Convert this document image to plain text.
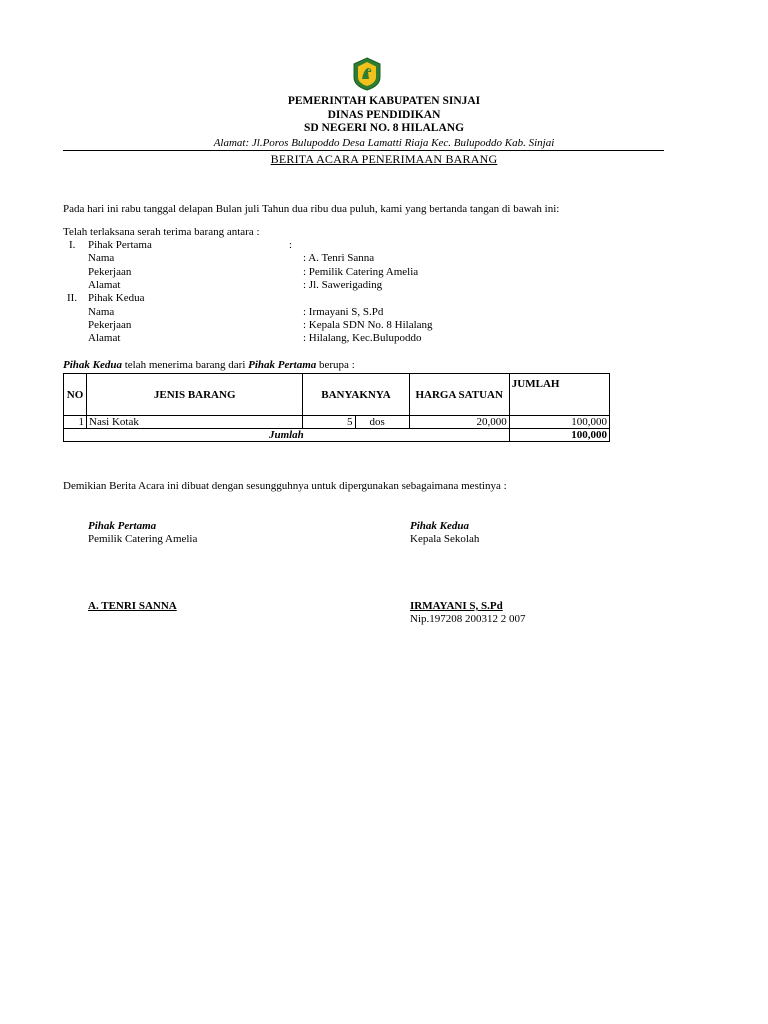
PEMERINTAH KABUPATEN SINJAI
DINAS PENDIDIKAN
SD NEGERI NO. 8 HILALANG
Alamat: Jl.Poros Bulupoddo Desa Lamatti Riaja Kec. Bulupoddo Kab. Sinjai
BERITA ACARA PENERIMAAN BARANG
Pada hari ini rabu tanggal delapan Bulan juli Tahun dua ribu dua puluh, kami yang bertanda tangan di bawah ini:
Telah terlaksana serah terima barang antara :
I. Pihak Pertama	:
Nama	: A. Tenri Sanna
Pekerjaan	: Pemilik Catering Amelia
Alamat	: Jl. Sawerigading
II. Pihak Kedua
Nama	: Irmayani S, S.Pd
Pekerjaan	: Kepala SDN No. 8 Hilalang
Alamat	: Hilalang, Kec.Bulupoddo
Pihak Kedua telah menerima barang dari Pihak Pertama berupa :
NO	JENIS BARANG	BANYAKNYA		HARGA SATUAN	JUMLAH
1	Nasi Kotak	5	dos	20,000	100,000
Jumlah					100,000
Demikian Berita Acara ini dibuat dengan sesungguhnya untuk dipergunakan sebagaimana mestinya :
Pihak Pertama
Pemilik Catering Amelia
A. TENRI SANNA
Pihak Kedua
Kepala Sekolah
IRMAYANI S, S.Pd
Nip.197208 200312 2 007
